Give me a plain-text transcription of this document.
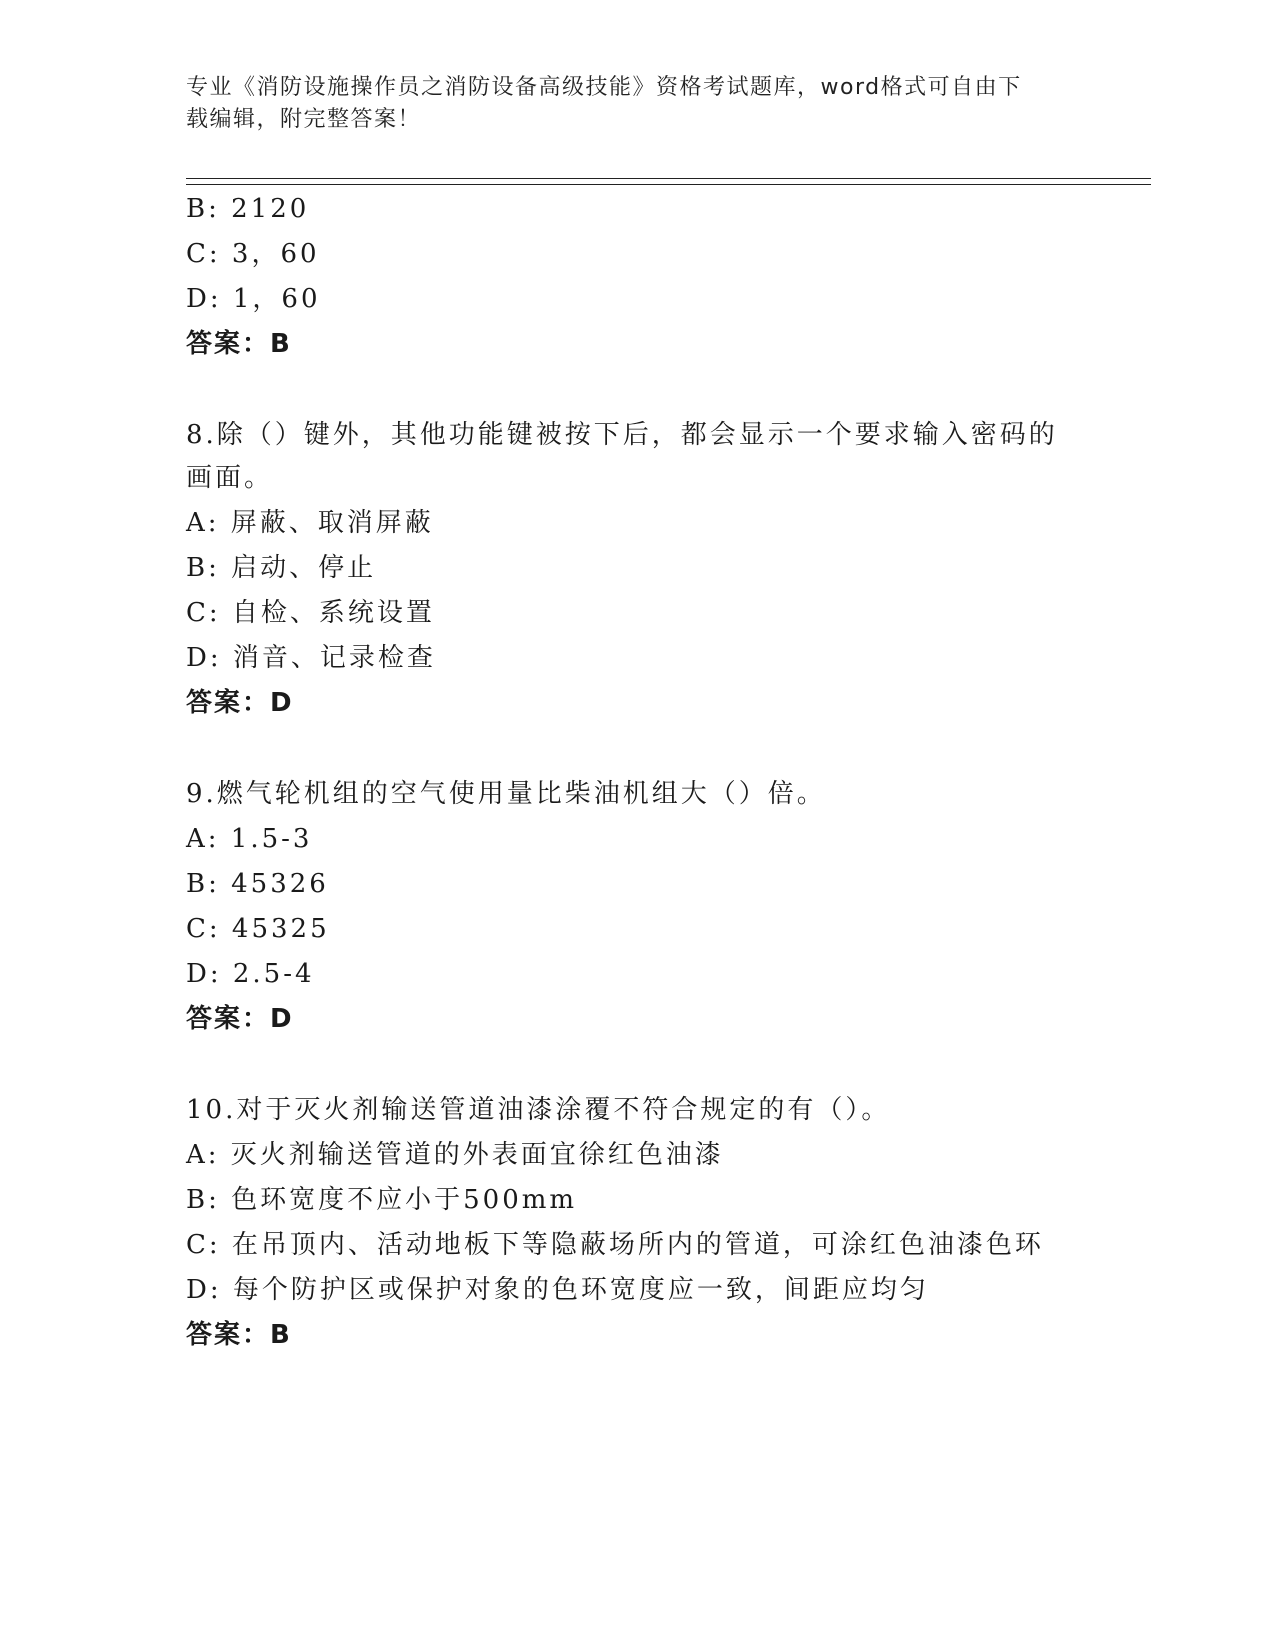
专业《消防设施操作员之消防设备高级技能》资格考试题库，word格式可自由下
载编辑，附完整答案！
B: 2120
C: 3，60
D: 1，60
答案：B
8.除（）键外，其他功能键被按下后，都会显示一个要求输入密码的
画面。
A: 屏蔽、取消屏蔽
B: 启动、停止
C: 自检、系统设置
D: 消音、记录检查
答案：D
9.燃气轮机组的空气使用量比柴油机组大（）倍。
A: 1.5-3
B: 45326
C: 45325
D: 2.5-4
答案：D
10.对于灭火剂输送管道油漆涂覆不符合规定的有（）。
A: 灭火剂输送管道的外表面宜徐红色油漆
B: 色环宽度不应小于500mm
C: 在吊顶内、活动地板下等隐蔽场所内的管道，可涂红色油漆色环
D: 每个防护区或保护对象的色环宽度应一致，间距应均匀
答案：B
